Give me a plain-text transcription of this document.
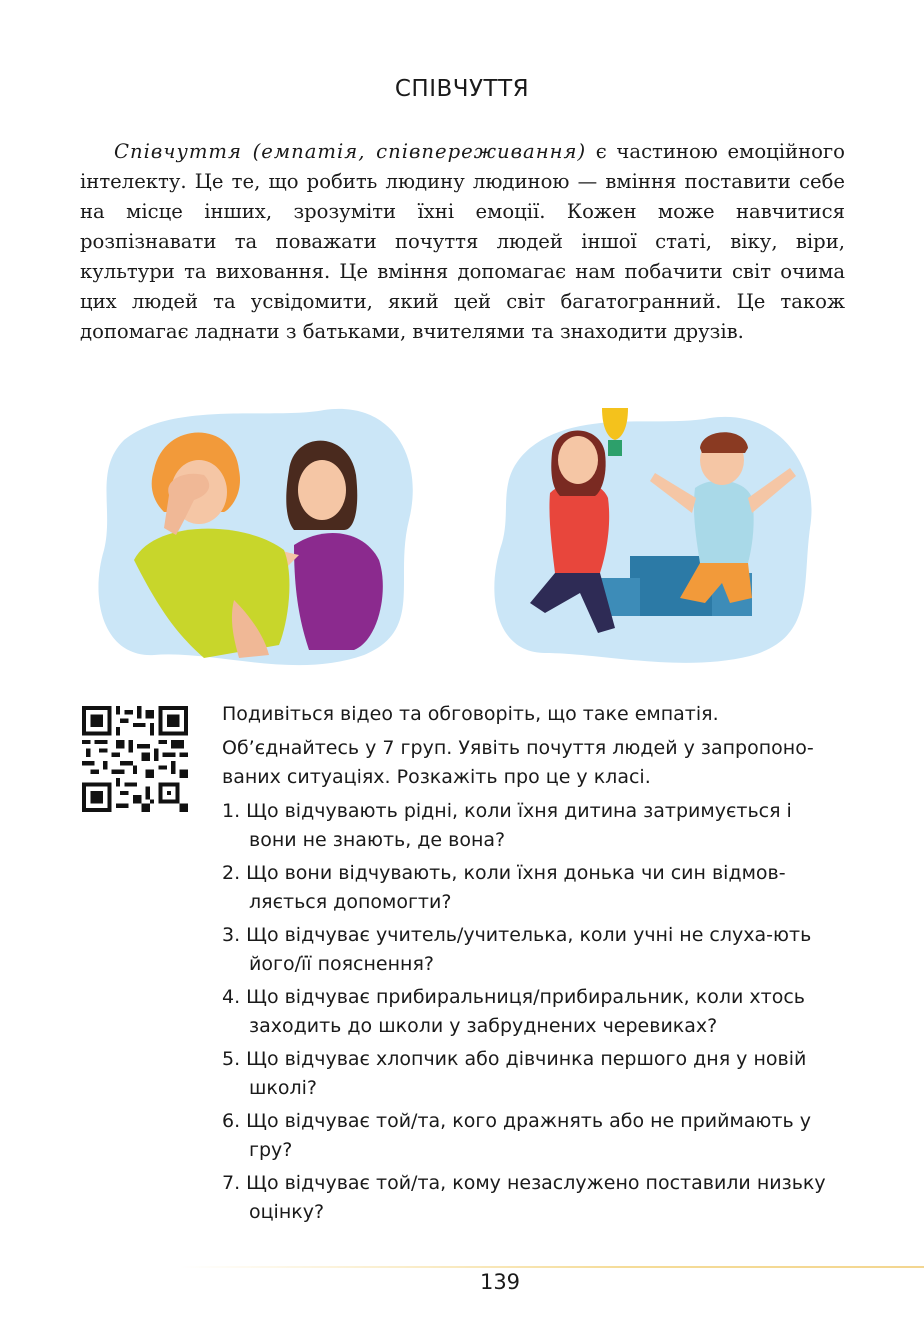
СПІВЧУТТЯ

Співчуття (емпатія, співпереживання) є частиною емоційного інтелекту. Це те, що робить людину людиною — вміння поставити себе на місце інших, зрозуміти їхні емоції. Кожен може навчитися розпізнавати та поважати почуття людей іншої статі, віку, віри, культури та виховання. Це вміння допомагає нам побачити світ очима цих людей та усвідомити, який цей світ багатогранний. Це також допомагає ладнати з батьками, вчителями та знаходити друзів.

Подивіться відео та обговоріть, що таке емпатія.

Об’єднайтесь у 7 груп. Уявіть почуття людей у запропоно-ваних ситуаціях. Розкажіть про це у класі.

1. Що відчувають рідні, коли їхня дитина затримується і вони не знають, де вона?
2. Що вони відчувають, коли їхня донька чи син відмов-ляється допомогти?
3. Що відчуває учитель/учителька, коли учні не слуха-ють його/її пояснення?
4. Що відчуває прибиральниця/прибиральник, коли хтось заходить до школи у забруднених черевиках?
5. Що відчуває хлопчик або дівчинка першого дня у новій школі?
6. Що відчуває той/та, кого дражнять або не приймають у гру?
7. Що відчуває той/та, кому незаслужено поставили низьку оцінку?
139
